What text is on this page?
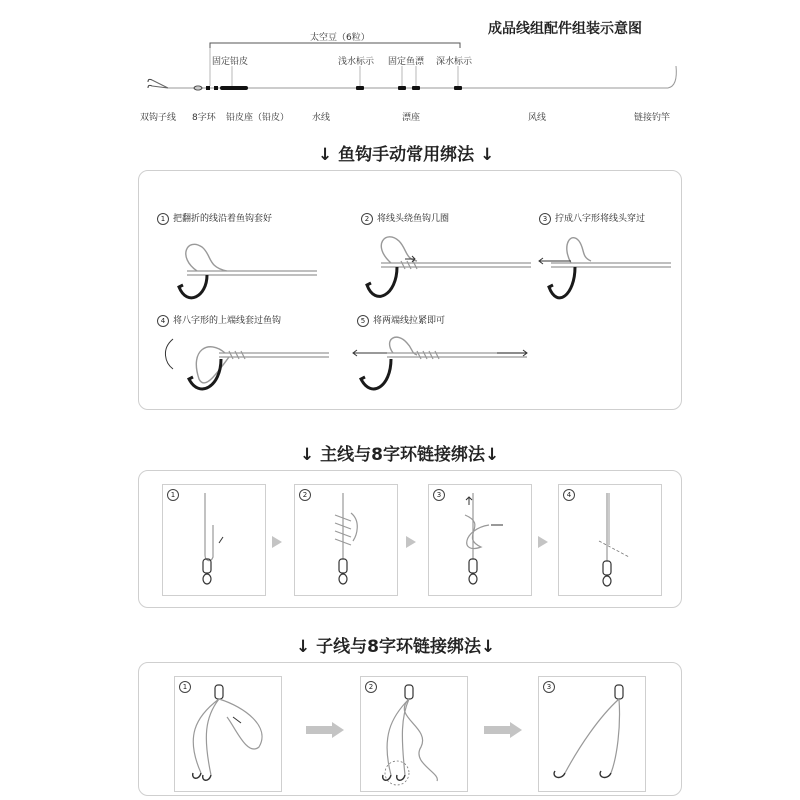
成品线组配件组装示意图
太空豆（6粒）
固定铅皮	浅水标示 固定鱼漂 深水标示
双钩子线 8字环 铅皮座（铅皮）	水线	漂座	风线	链接钓竿
↓ 鱼钩手动常用绑法 ↓
1 把翻折的线沿着鱼钩套好	2 将线头绕鱼钩几圈	3 拧成八字形将线头穿过
4 将八字形的上端线套过鱼钩	5 将两端线拉紧即可
↓ 主线与8字环链接绑法↓
1	2	3	4
↓ 子线与8字环链接绑法↓
1	2	3
